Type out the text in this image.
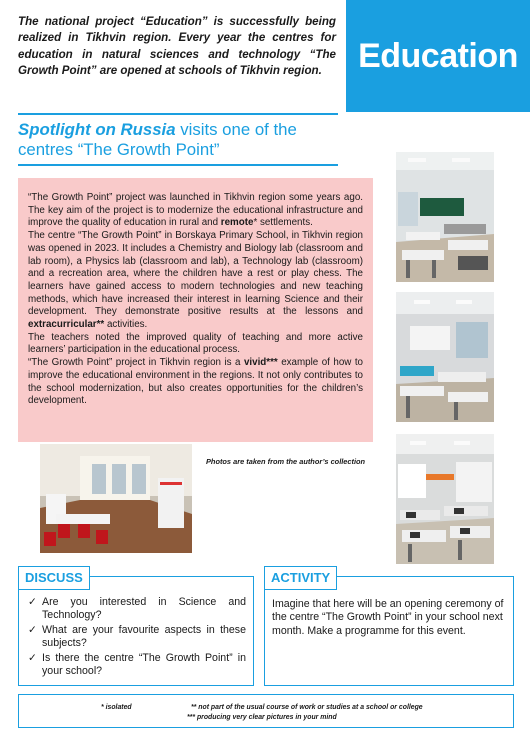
The national project “Education” is successfully being realized in Tikhvin region. Every year the centres for education in natural sciences and technology “The Growth Point” are opened at schools of Tikhvin region.	Education
Spotlight on Russia visits one of the centres “The Growth Point”

“The Growth Point” project was launched in Tikhvin region some years ago. The key aim of the project is to modernize the educational infrastructure and improve the quality of education in rural and remote* settlements.

The centre “The Growth Point” in Borskaya Primary School, in Tikhvin region was opened in 2023. It includes a Chemistry and Biology lab (classroom and lab room), a Physics lab (classroom and lab), a Technology lab (classroom) and a recreation area, where the children have a rest or play chess. The learners have gained access to modern technologies and new teaching methods, which have increased their interest in learning Science and their development. They demonstrate positive results at the lessons and extracurricular** activities.

The teachers noted the improved quality of teaching and more active learners’ participation in the educational process.

“The Growth Point” project in Tikhvin region is a vivid*** example of how to improve the educational environment in the regions. It not only contributes to the school modernization, but also creates opportunities for the children’s development.

Photos are taken from the author’s collection
DISCUSS
✓ Are you interested in Science and Technology?
✓ What are your favourite aspects in these subjects?
✓ Is there the centre “The Growth Point” in your school?
ACTIVITY
Imagine that here will be an opening ceremony of the centre “The Growth Point” in your school next month. Make a programme for this event.
* isolated	** not part of the usual course of work or studies at a school or college
*** producing very clear pictures in your mind
